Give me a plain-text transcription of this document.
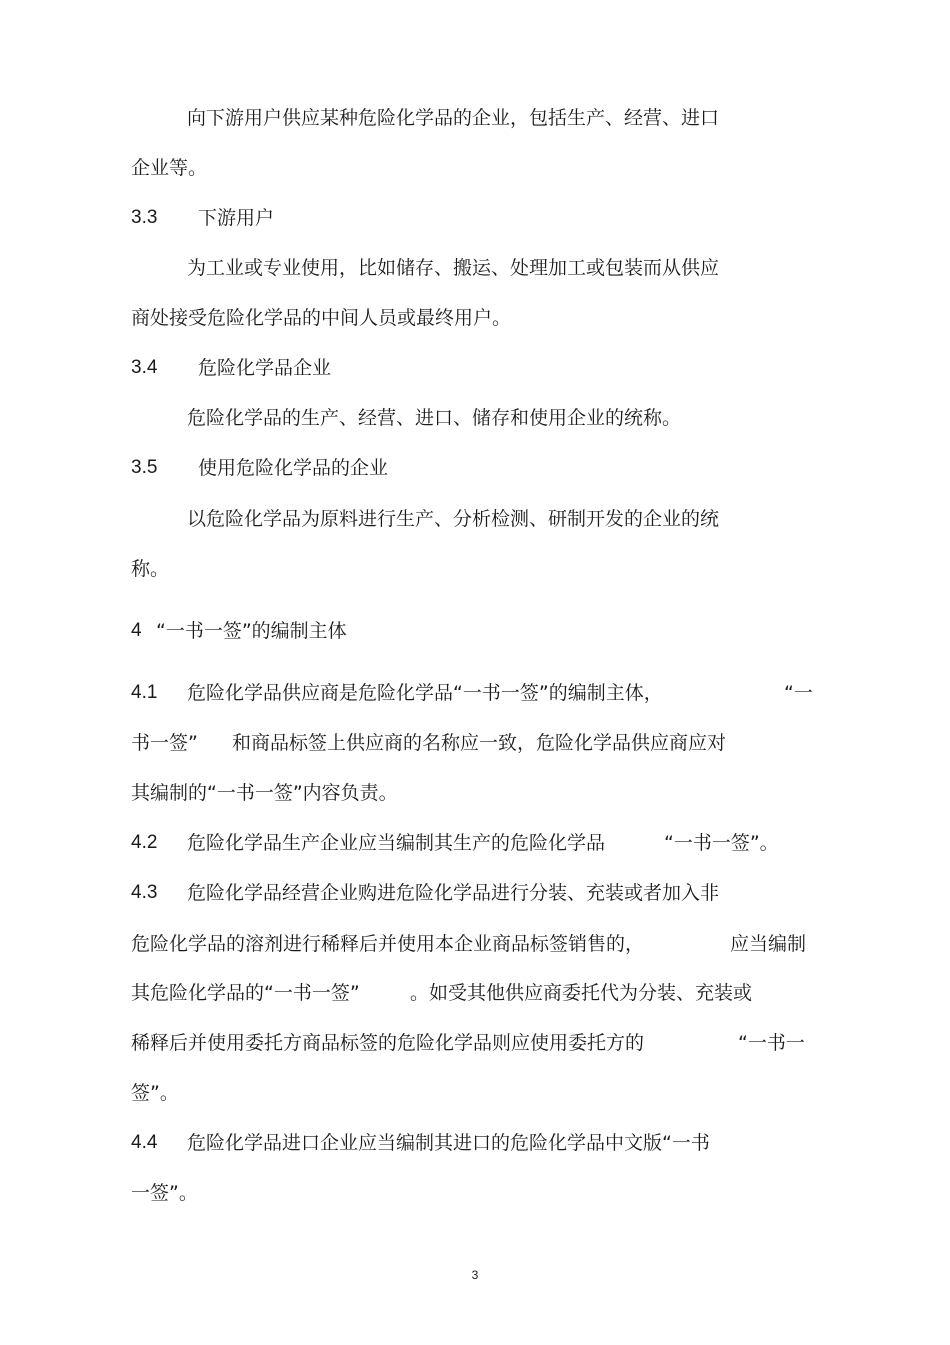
向下游用户供应某种危险化学品的企业，包括生产、经营、进口
企业等。
3.3 下游用户
为工业或专业使用，比如储存、搬运、处理加工或包装而从供应
商处接受危险化学品的中间人员或最终用户。
3.4 危险化学品企业
危险化学品的生产、经营、进口、储存和使用企业的统称。
3.5 使用危险化学品的企业
以危险化学品为原料进行生产、分析检测、研制开发的企业的统
称。
4 “一书一签”的编制主体
4.1 危险化学品供应商是危险化学品“一书一签”的编制主体，	“一
书一签” 和商品标签上供应商的名称应一致，危险化学品供应商应对
其编制的“一书一签”内容负责。
4.2 危险化学品生产企业应当编制其生产的危险化学品	“一书一签”。
4.3 危险化学品经营企业购进危险化学品进行分装、充装或者加入非
危险化学品的溶剂进行稀释后并使用本企业商品标签销售的，	应当编制
其危险化学品的“一书一签”	。如受其他供应商委托代为分装、充装或
稀释后并使用委托方商品标签的危险化学品则应使用委托方的	“一书一
签”。
4.4 危险化学品进口企业应当编制其进口的危险化学品中文版“一书
一签”。
3
